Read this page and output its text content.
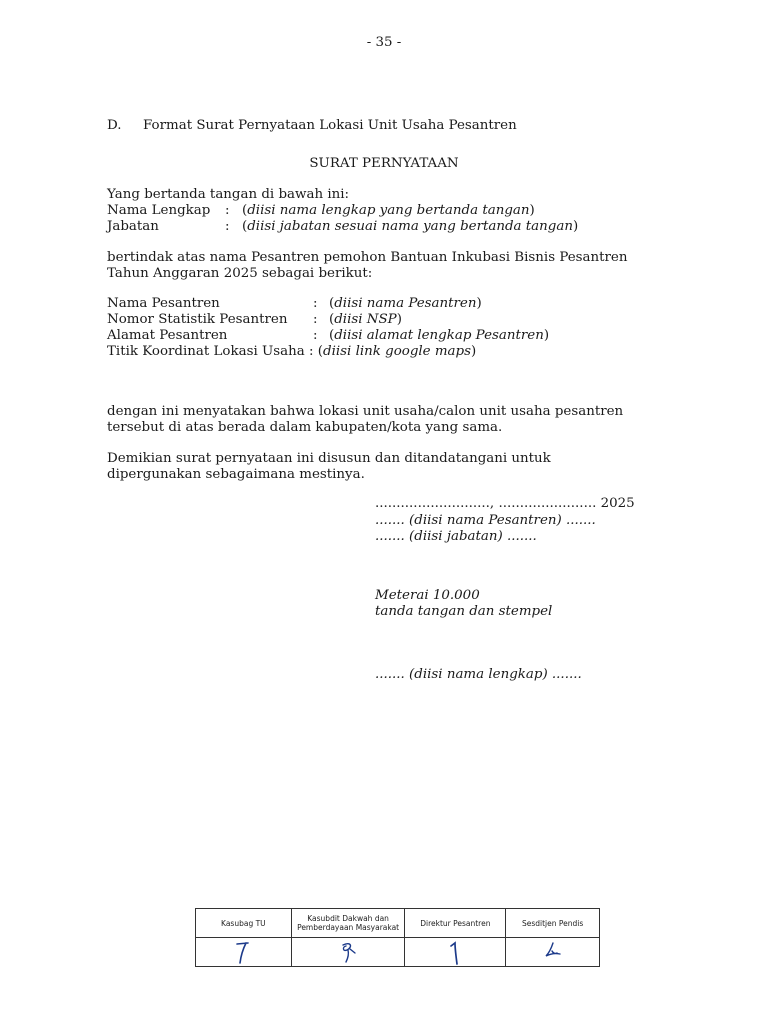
- 35 -
D. Format Surat Pernyataan Lokasi Unit Usaha Pesantren
SURAT PERNYATAAN
Yang bertanda tangan di bawah ini:
Nama Lengkap : (diisi nama lengkap yang bertanda tangan)
Jabatan	: (diisi jabatan sesuai nama yang bertanda tangan)
bertindak atas nama Pesantren pemohon Bantuan Inkubasi Bisnis Pesantren
Tahun Anggaran 2025 sebagai berikut:
Nama Pesantren	: (diisi nama Pesantren)
Nomor Statistik Pesantren : (diisi NSP)
Alamat Pesantren	: (diisi alamat lengkap Pesantren)
Titik Koordinat Lokasi Usaha : (diisi link google maps)
dengan ini menyatakan bahwa lokasi unit usaha/calon unit usaha pesantren
tersebut di atas berada dalam kabupaten/kota yang sama.
Demikian surat pernyataan ini disusun dan ditandatangani untuk
dipergunakan sebagaimana mestinya.
..........................., ....................... 2025
....... (diisi nama Pesantren) .......
....... (diisi jabatan) .......
Meterai 10.000
tanda tangan dan stempel
....... (diisi nama lengkap) .......
Kasubag TU	Kasubdit Dakwah dan Pemberdayaan Masyarakat	Direktur Pesantren	Sesditjen Pendis
